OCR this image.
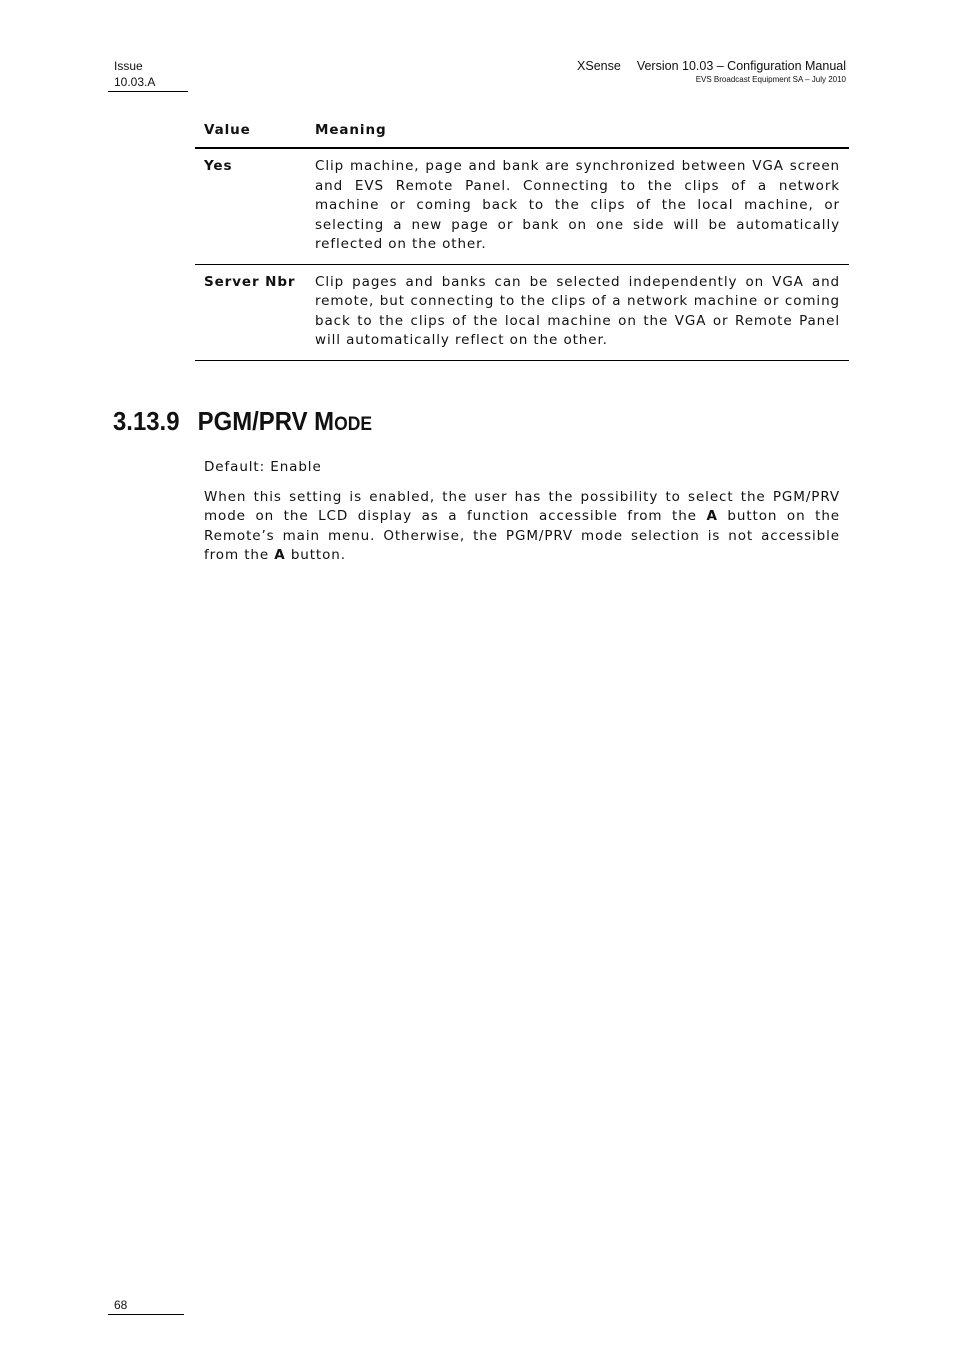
Issue
10.03.A
XSense Version 10.03 – Configuration Manual
EVS Broadcast Equipment SA – July 2010
Value	Meaning
Yes	Clip machine, page and bank are synchronized between VGA screen and EVS Remote Panel. Connecting to the clips of a network machine or coming back to the clips of the local machine, or selecting a new page or bank on one side will be automatically reflected on the other.
Server Nbr	Clip pages and banks can be selected independently on VGA and remote, but connecting to the clips of a network machine or coming back to the clips of the local machine on the VGA or Remote Panel will automatically reflect on the other.
3.13.9 PGM/PRV MODE

Default: Enable

When this setting is enabled, the user has the possibility to select the PGM/PRV mode on the LCD display as a function accessible from the A button on the Remote’s main menu. Otherwise, the PGM/PRV mode selection is not accessible from the A button.

68
